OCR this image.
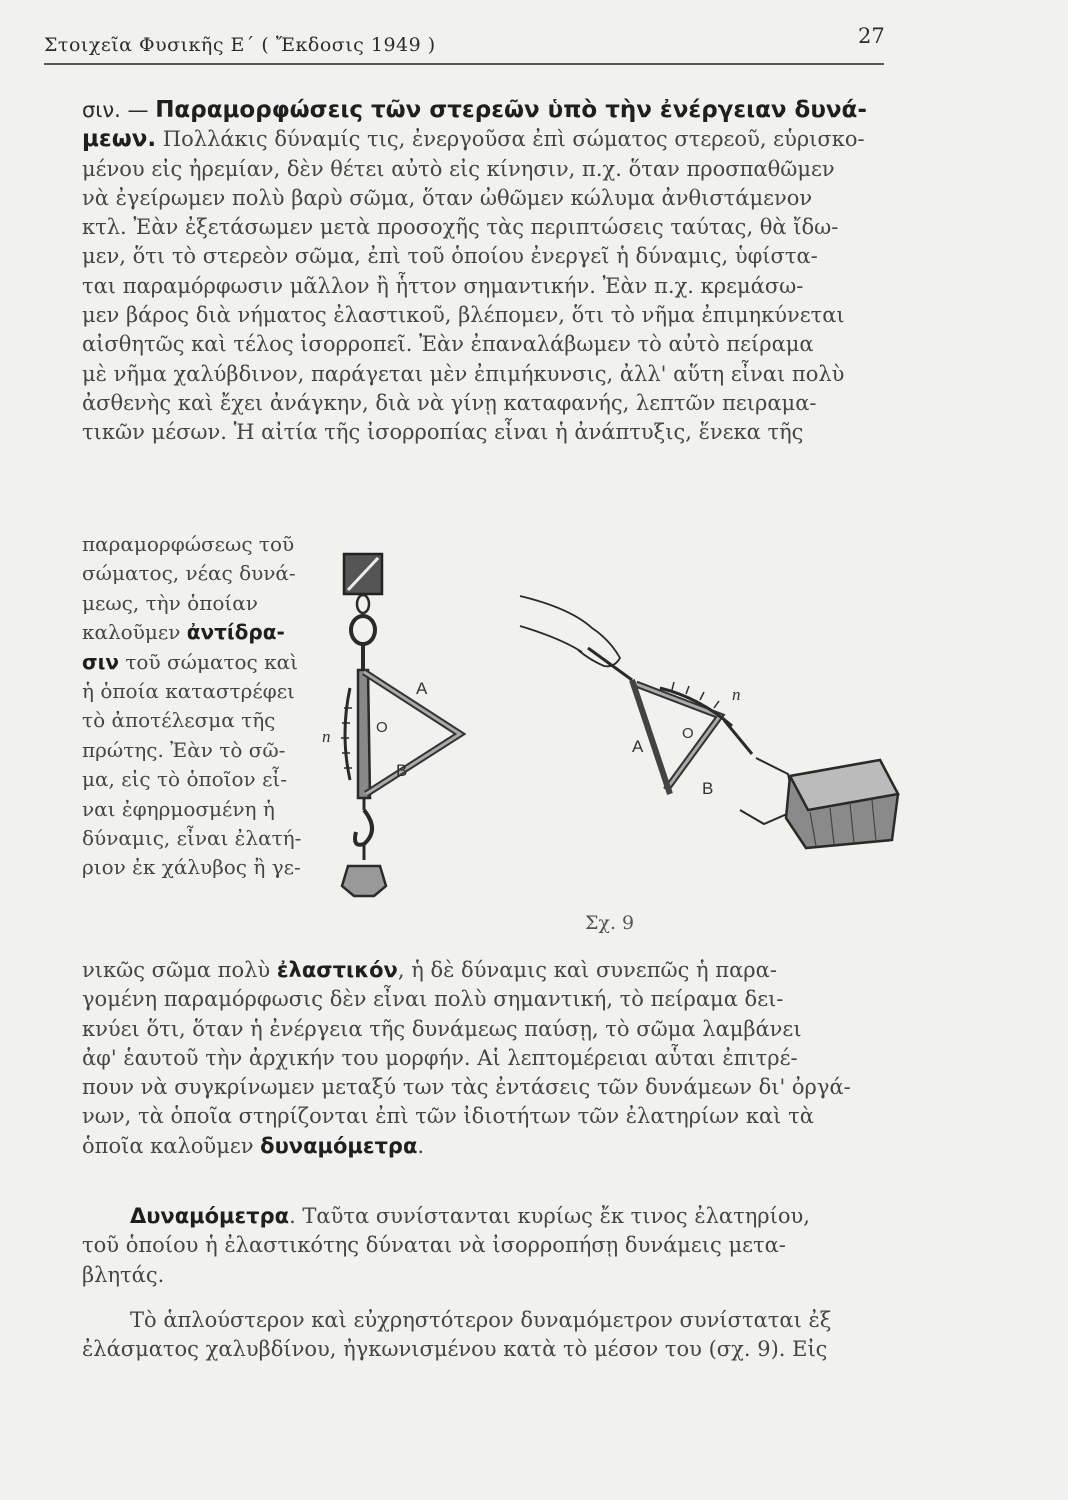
Στοιχεῖα Φυσικῆς Ε΄ ( Ἔκδοσις 1949 )	27
σιν. — Παραμορφώσεις τῶν στερεῶν ὑπὸ τὴν ἐνέργειαν δυνά-
μεων. Πολλάκις δύναμίς τις, ἐνεργοῦσα ἐπὶ σώματος στερεοῦ, εὑρισκο-
μένου εἰς ἠρεμίαν, δὲν θέτει αὐτὸ εἰς κίνησιν, π.χ. ὅταν προσπαθῶμεν
νὰ ἐγείρωμεν πολὺ βαρὺ σῶμα, ὅταν ὠθῶμεν κώλυμα ἀνθιστάμενον
κτλ. Ἐὰν ἐξετάσωμεν μετὰ προσοχῆς τὰς περιπτώσεις ταύτας, θὰ ἴδω-
μεν, ὅτι τὸ στερεὸν σῶμα, ἐπὶ τοῦ ὁποίου ἐνεργεῖ ἡ δύναμις, ὑφίστα-
ται παραμόρφωσιν μᾶλλον ἢ ἧττον σημαντικήν. Ἐὰν π.χ. κρεμάσω-
μεν βάρος διὰ νήματος ἐλαστικοῦ, βλέπομεν, ὅτι τὸ νῆμα ἐπιμηκύνεται
αἰσθητῶς καὶ τέλος ἰσορροπεῖ. Ἐὰν ἐπαναλάβωμεν τὸ αὐτὸ πείραμα
μὲ νῆμα χαλύβδινον, παράγεται μὲν ἐπιμήκυνσις, ἀλλ' αὕτη εἶναι πολὺ
ἀσθενὴς καὶ ἔχει ἀνάγκην, διὰ νὰ γίνῃ καταφανής, λεπτῶν πειραμα-
τικῶν μέσων. Ἡ αἰτία τῆς ἰσορροπίας εἶναι ἡ ἀνάπτυξις, ἕνεκα τῆς
παραμορφώσεως τοῦ
σώματος, νέας δυνά-
μεως, τὴν ὁποίαν
καλοῦμεν ἀντίδρα-
σιν τοῦ σώματος καὶ
ἡ ὁποία καταστρέφει
τὸ ἀποτέλεσμα τῆς
πρώτης. Ἐὰν τὸ σῶ-
μα, εἰς τὸ ὁποῖον εἶ-
ναι ἐφηρμοσμένη ἡ
δύναμις, εἶναι ἐλατή-
ριον ἐκ χάλυβος ἢ γε-
A
O
B
n
A
O
B
n
Σχ. 9
νικῶς σῶμα πολὺ ἐλαστικόν, ἡ δὲ δύναμις καὶ συνεπῶς ἡ παρα-
γομένη παραμόρφωσις δὲν εἶναι πολὺ σημαντική, τὸ πείραμα δει-
κνύει ὅτι, ὅταν ἡ ἐνέργεια τῆς δυνάμεως παύσῃ, τὸ σῶμα λαμβάνει
ἀφ' ἑαυτοῦ τὴν ἀρχικήν του μορφήν. Αἱ λεπτομέρειαι αὗται ἐπιτρέ-
πουν νὰ συγκρίνωμεν μεταξύ των τὰς ἐντάσεις τῶν δυνάμεων δι' ὀργά-
νων, τὰ ὁποῖα στηρίζονται ἐπὶ τῶν ἰδιοτήτων τῶν ἐλατηρίων καὶ τὰ
ὁποῖα καλοῦμεν δυναμόμετρα.
Δυναμόμετρα. Ταῦτα συνίστανται κυρίως ἔκ τινος ἐλατηρίου,
τοῦ ὁποίου ἡ ἐλαστικότης δύναται νὰ ἰσορροπήσῃ δυνάμεις μετα-
βλητάς.
Τὸ ἁπλούστερον καὶ εὐχρηστότερον δυναμόμετρον συνίσταται ἐξ
ἐλάσματος χαλυβδίνου, ἠγκωνισμένου κατὰ τὸ μέσον του (σχ. 9). Εἰς
